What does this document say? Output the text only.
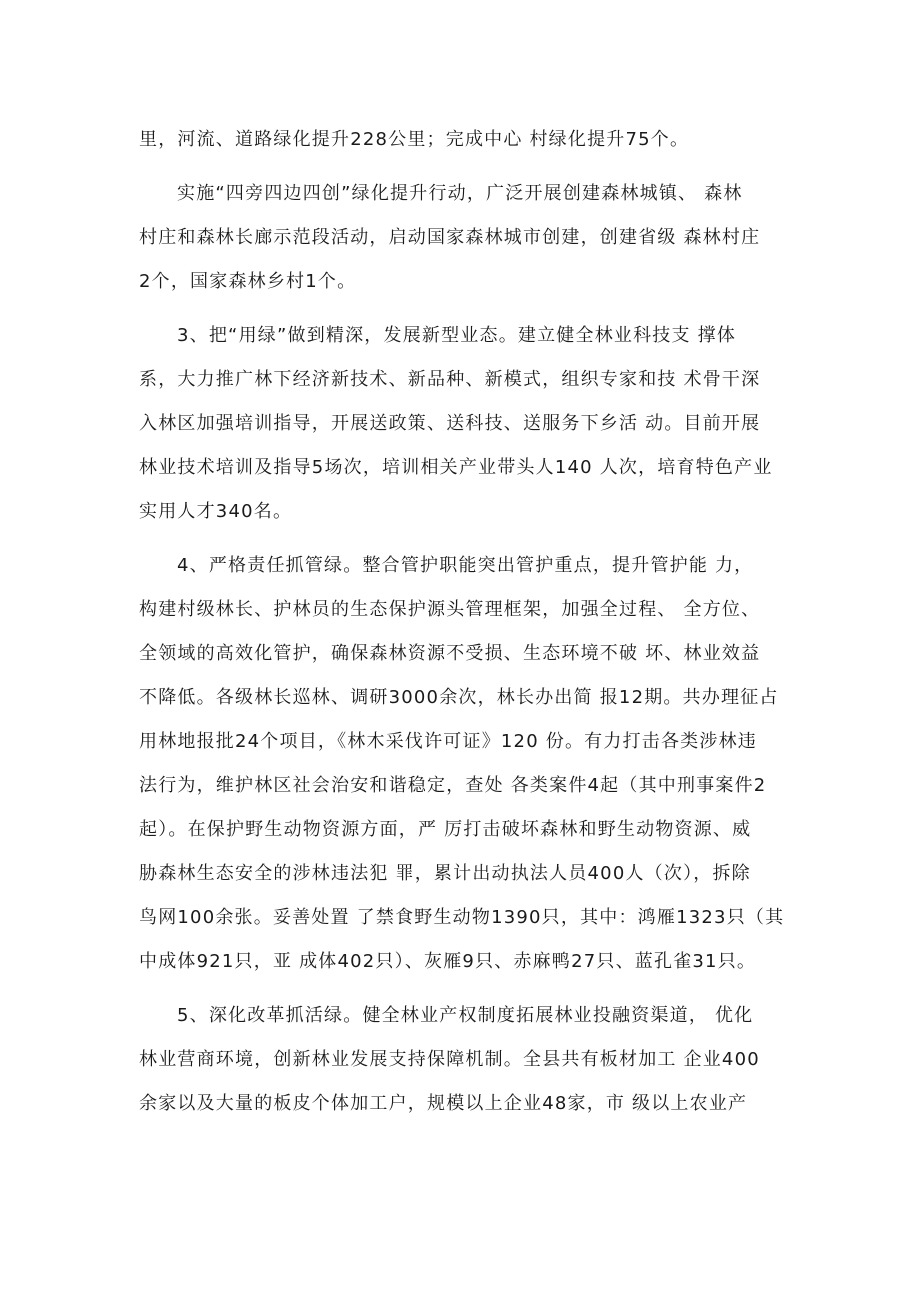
里，河流、道路绿化提升228公里；完成中心 村绿化提升75个。

实施“四旁四边四创”绿化提升行动，广泛开展创建森林城镇、 森林
村庄和森林长廊示范段活动，启动国家森林城市创建，创建省级 森林村庄
2个，国家森林乡村1个。

3、把“用绿”做到精深，发展新型业态。建立健全林业科技支 撑体
系，大力推广林下经济新技术、新品种、新模式，组织专家和技 术骨干深
入林区加强培训指导，开展送政策、送科技、送服务下乡活 动。目前开展
林业技术培训及指导5场次，培训相关产业带头人140 人次，培育特色产业
实用人才340名。

4、严格责任抓管绿。整合管护职能突出管护重点，提升管护能 力，
构建村级林长、护林员的生态保护源头管理框架，加强全过程、 全方位、
全领域的高效化管护，确保森林资源不受损、生态环境不破 坏、林业效益
不降低。各级林长巡林、调研3000余次，林长办出简 报12期。共办理征占
用林地报批24个项目，《林木采伐许可证》120 份。有力打击各类涉林违
法行为，维护林区社会治安和谐稳定，查处 各类案件4起（其中刑事案件2
起）。在保护野生动物资源方面，严 厉打击破坏森林和野生动物资源、威
胁森林生态安全的涉林违法犯 罪，累计出动执法人员400人（次），拆除
鸟网100余张。妥善处置 了禁食野生动物1390只，其中：鸿雁1323只（其
中成体921只，亚 成体402只）、灰雁9只、赤麻鸭27只、蓝孔雀31只。

5、深化改革抓活绿。健全林业产权制度拓展林业投融资渠道， 优化
林业营商环境，创新林业发展支持保障机制。全县共有板材加工 企业400
余家以及大量的板皮个体加工户，规模以上企业48家，市 级以上农业产
